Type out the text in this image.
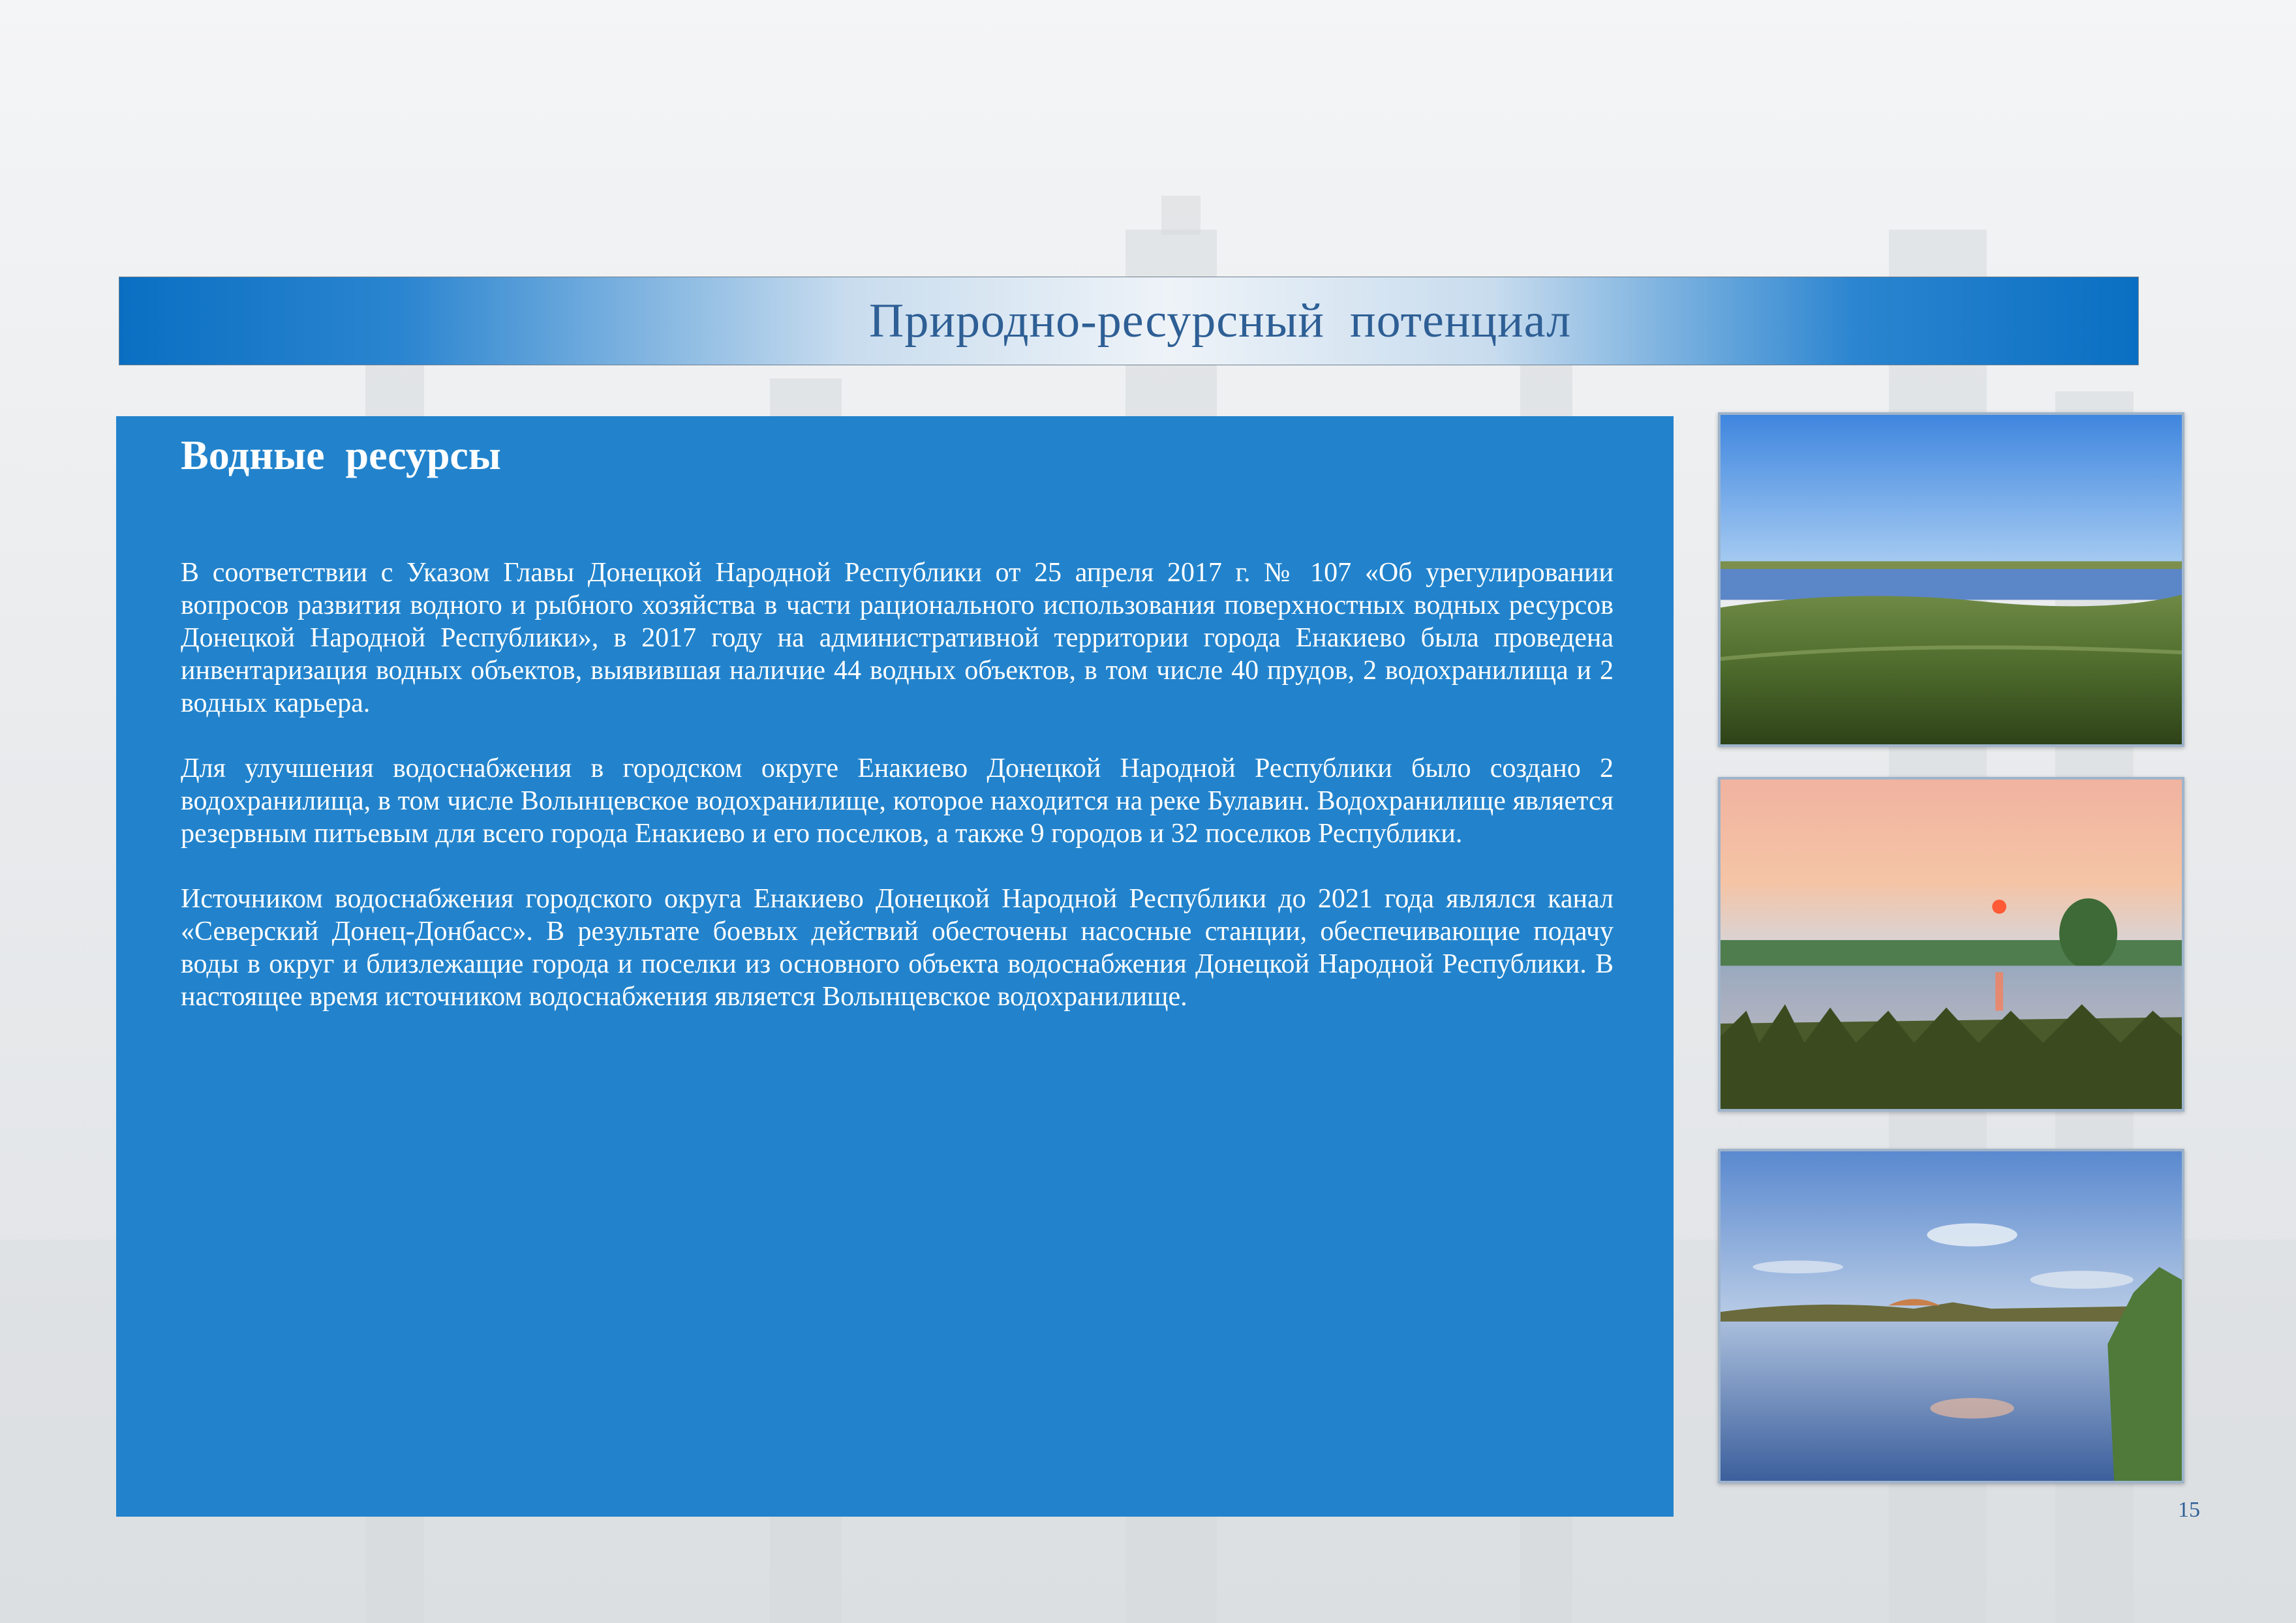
Природно-ресурсный  потенциал
Водные  ресурсы

В соответствии с Указом Главы Донецкой Народной Республики от 25 апреля 2017 г. № 107 «Об урегулировании вопросов развития водного и рыбного хозяйства в части рационального использования поверхностных водных ресурсов Донецкой Народной Республики», в 2017 году на административной территории города Енакиево была проведена инвентаризация водных объектов, выявившая наличие 44 водных объектов, в том числе 40 прудов, 2 водохранилища и 2 водных карьера.

Для улучшения водоснабжения в городском округе Енакиево Донецкой Народной Республики было создано 2 водохранилища, в том числе Волынцевское водохранилище, которое находится на реке Булавин. Водохранилище является резервным питьевым для всего города Енакиево и его поселков, а также 9 городов и 32 поселков Республики.

Источником водоснабжения городского округа Енакиево Донецкой Народной Республики до 2021 года являлся канал «Северский Донец-Донбасс». В результате боевых действий обесточены насосные станции, обеспечивающие подачу воды в округ и близлежащие города и поселки из основного объекта водоснабжения Донецкой Народной Республики. В настоящее время источником водоснабжения является Волынцевское водохранилище.

15
